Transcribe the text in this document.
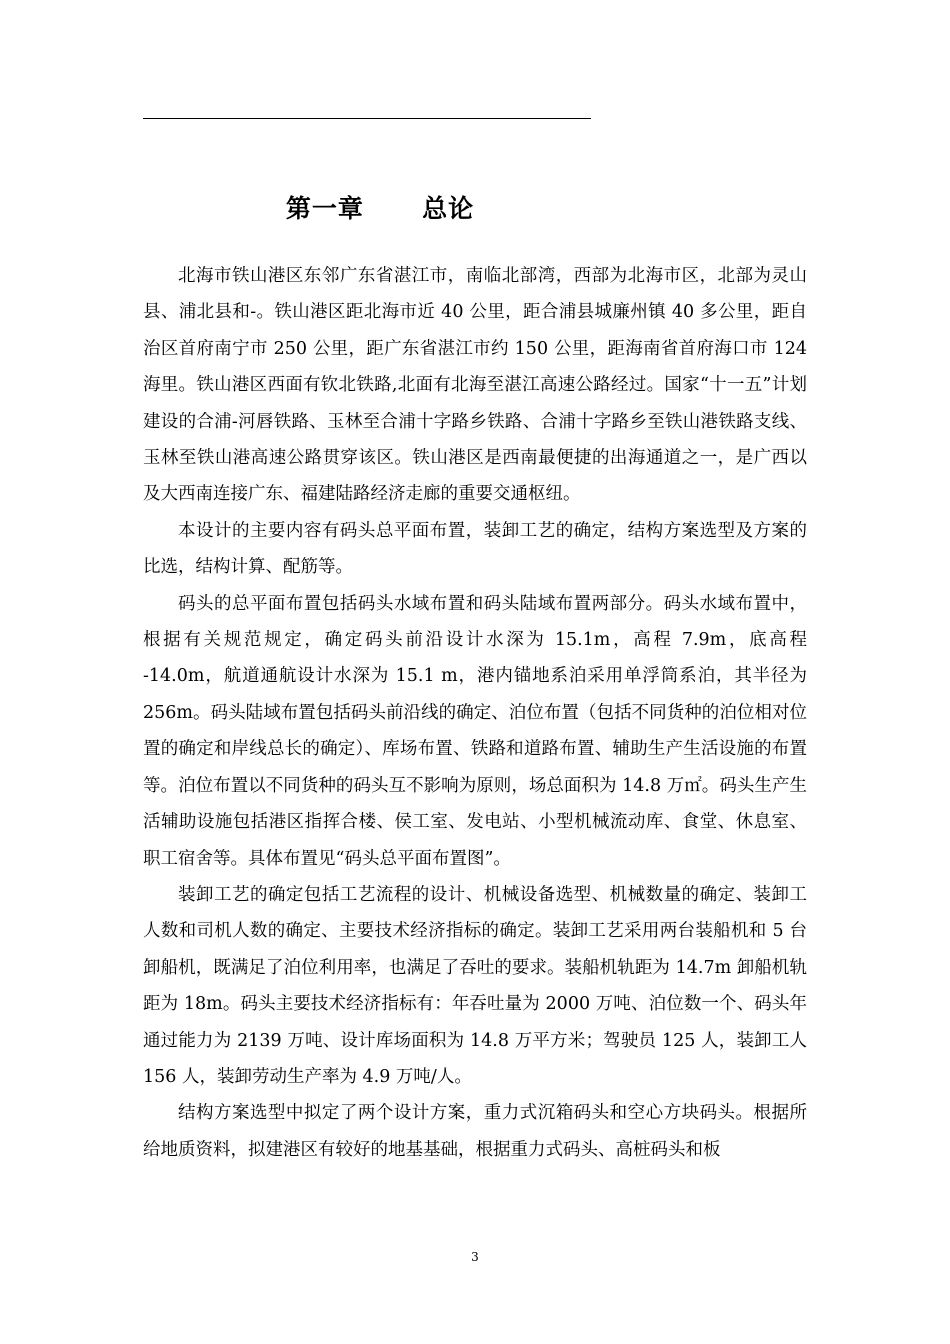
第一章      总论

北海市铁山港区东邻广东省湛江市，南临北部湾，西部为北海市区，北部为灵山县、浦北县和-。铁山港区距北海市近 40 公里，距合浦县城廉州镇 40 多公里，距自治区首府南宁市 250 公里，距广东省湛江市约 150 公里，距海南省首府海口市 124 海里。铁山港区西面有钦北铁路,北面有北海至湛江高速公路经过。国家“十一五”计划建设的合浦-河唇铁路、玉林至合浦十字路乡铁路、合浦十字路乡至铁山港铁路支线、玉林至铁山港高速公路贯穿该区。铁山港区是西南最便捷的出海通道之一，是广西以及大西南连接广东、福建陆路经济走廊的重要交通枢纽。

本设计的主要内容有码头总平面布置，装卸工艺的确定，结构方案选型及方案的比选，结构计算、配筋等。

码头的总平面布置包括码头水域布置和码头陆域布置两部分。码头水域布置中，根据有关规范规定，确定码头前沿设计水深为 15.1m，高程 7.9m，底高程 -14.0m，航道通航设计水深为 15.1 m，港内锚地系泊采用单浮筒系泊，其半径为 256m。码头陆域布置包括码头前沿线的确定、泊位布置（包括不同货种的泊位相对位置的确定和岸线总长的确定）、库场布置、铁路和道路布置、辅助生产生活设施的布置等。泊位布置以不同货种的码头互不影响为原则，场总面积为 14.8 万㎡。码头生产生活辅助设施包括港区指挥合楼、侯工室、发电站、小型机械流动库、食堂、休息室、职工宿舍等。具体布置见“码头总平面布置图”。

装卸工艺的确定包括工艺流程的设计、机械设备选型、机械数量的确定、装卸工人数和司机人数的确定、主要技术经济指标的确定。装卸工艺采用两台装船机和 5 台卸船机，既满足了泊位利用率，也满足了吞吐的要求。装船机轨距为 14.7m 卸船机轨距为 18m。码头主要技术经济指标有：年吞吐量为 2000 万吨、泊位数一个、码头年通过能力为 2139 万吨、设计库场面积为 14.8 万平方米；驾驶员 125 人，装卸工人 156 人，装卸劳动生产率为 4.9 万吨/人。

结构方案选型中拟定了两个设计方案，重力式沉箱码头和空心方块码头。根据所给地质资料，拟建港区有较好的地基基础，根据重力式码头、高桩码头和板

3
